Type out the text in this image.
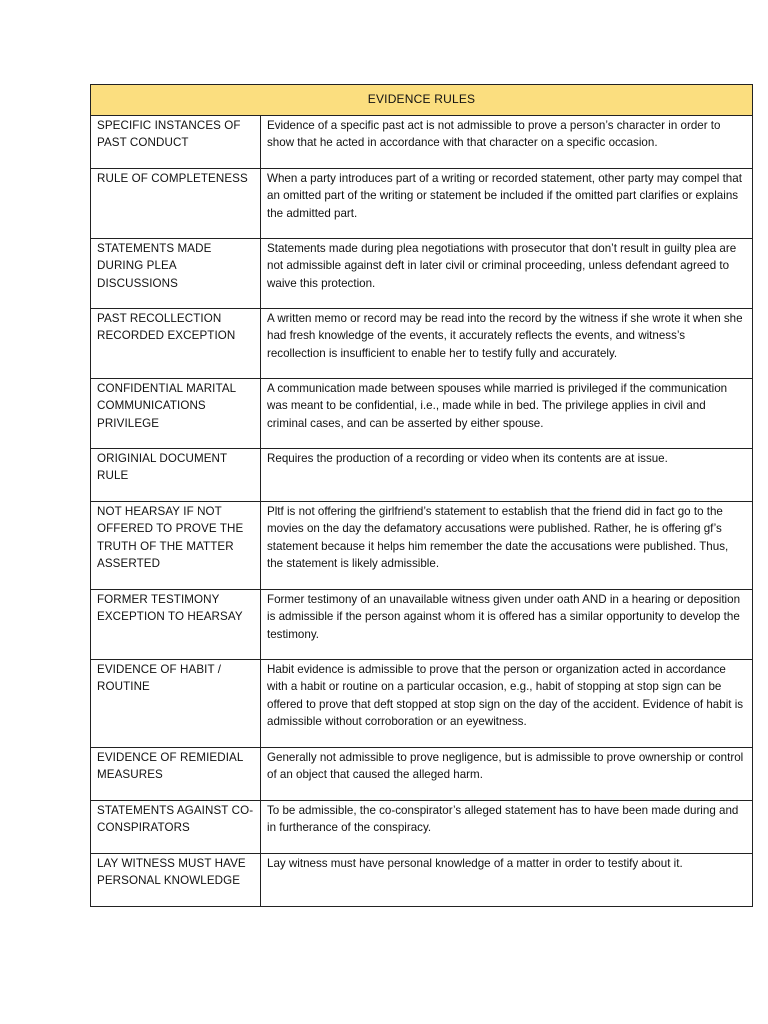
EVIDENCE RULES	
SPECIFIC INSTANCES OF PAST CONDUCT	Evidence of a specific past act is not admissible to prove a person’s character in order to show that he acted in accordance with that character on a specific occasion.
RULE OF COMPLETENESS	When a party introduces part of a writing or recorded statement, other party may compel that an omitted part of the writing or statement be included if the omitted part clarifies or explains the admitted part.
STATEMENTS MADE DURING PLEA DISCUSSIONS	Statements made during plea negotiations with prosecutor that don’t result in guilty plea are not admissible against deft in later civil or criminal proceeding, unless defendant agreed to waive this protection.
PAST RECOLLECTION RECORDED EXCEPTION	A written memo or record may be read into the record by the witness if she wrote it when she had fresh knowledge of the events, it accurately reflects the events, and witness’s recollection is insufficient to enable her to testify fully and accurately.
CONFIDENTIAL MARITAL COMMUNICATIONS PRIVILEGE	A communication made between spouses while married is privileged if the communication was meant to be confidential, i.e., made while in bed. The privilege applies in civil and criminal cases, and can be asserted by either spouse.
ORIGINIAL DOCUMENT RULE	Requires the production of a recording or video when its contents are at issue.
NOT HEARSAY IF NOT OFFERED TO PROVE THE TRUTH OF THE MATTER ASSERTED	Pltf is not offering the girlfriend’s statement to establish that the friend did in fact go to the movies on the day the defamatory accusations were published. Rather, he is offering gf’s statement because it helps him remember the date the accusations were published. Thus, the statement is likely admissible.
FORMER TESTIMONY EXCEPTION TO HEARSAY	Former testimony of an unavailable witness given under oath AND in a hearing or deposition is admissible if the person against whom it is offered has a similar opportunity to develop the testimony.
EVIDENCE OF HABIT / ROUTINE	Habit evidence is admissible to prove that the person or organization acted in accordance with a habit or routine on a particular occasion, e.g., habit of stopping at stop sign can be offered to prove that deft stopped at stop sign on the day of the accident. Evidence of habit is admissible without corroboration or an eyewitness.
EVIDENCE OF REMIEDIAL MEASURES	Generally not admissible to prove negligence, but is admissible to prove ownership or control of an object that caused the alleged harm.
STATEMENTS AGAINST CO-CONSPIRATORS	To be admissible, the co-conspirator’s alleged statement has to have been made during and in furtherance of the conspiracy.
LAY WITNESS MUST HAVE PERSONAL KNOWLEDGE	Lay witness must have personal knowledge of a matter in order to testify about it.
